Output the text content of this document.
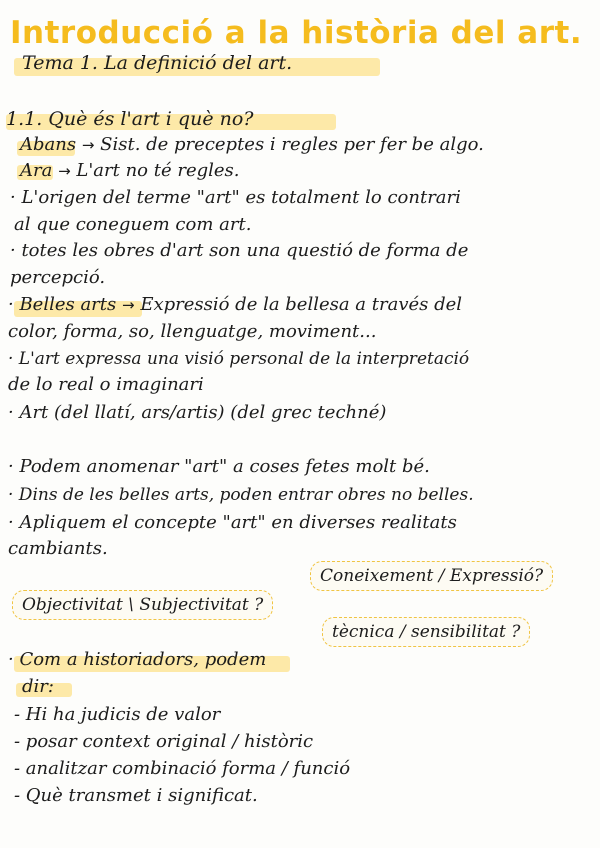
Introducció a la història del art.
Tema 1. La definició del art.
1.1. Què és l'art i què no?
Abans → Sist. de preceptes i regles per fer be algo.
Ara → L'art no té regles.
· L'origen del terme "art" es totalment lo contrari
al que coneguem com art.
· totes les obres d'art son una questió de forma de
percepció.
· Belles arts → Expressió de la bellesa a través del
color, forma, so, llenguatge, moviment...
· L'art expressa una visió personal de la interpretació
de lo real o imaginari
· Art (del llatí, ars/artis) (del grec techné)
· Podem anomenar "art" a coses fetes molt bé.
· Dins de les belles arts, poden entrar obres no belles.
· Apliquem el concepte "art" en diverses realitats
cambiants.
Coneixement / Expressió?
Objectivitat \ Subjectivitat ?
tècnica / sensibilitat ?
· Com a historiadors, podem
dir:
- Hi ha judicis de valor
- posar context original / històric
- analitzar combinació forma / funció
- Què transmet i significat.
